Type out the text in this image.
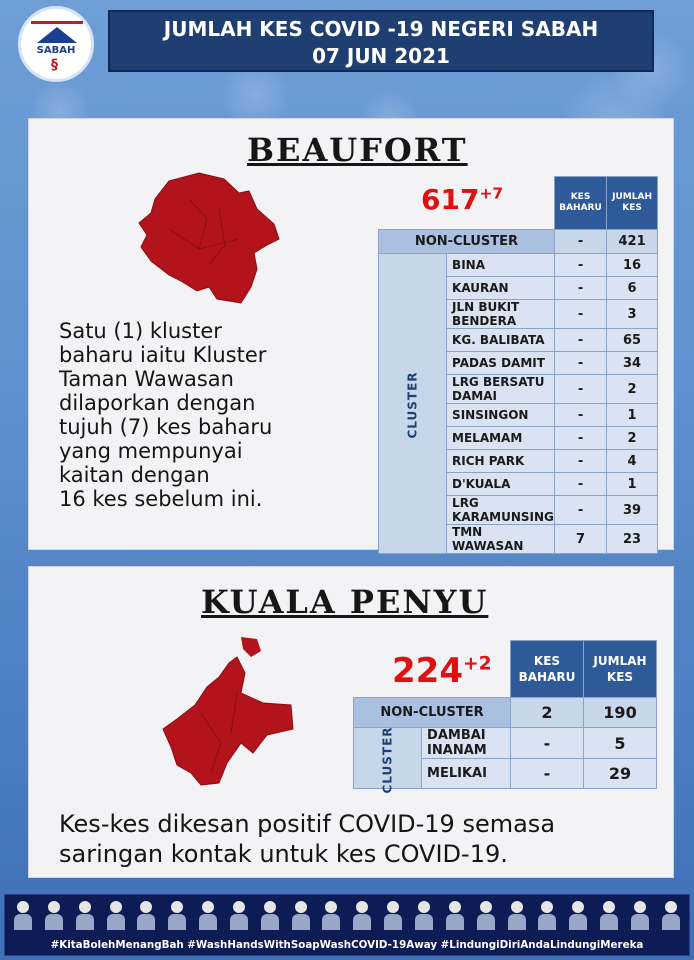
SABAH
§
JUMLAH KES COVID -19 NEGERI SABAH
07 JUN 2021
BEAUFORT
$617^{+7}$
		KES BAHARU	JUMLAH KES
NON-CLUSTER		-	421
CLUSTER	BINA	-	16
	KAURAN	-	6
	JLN BUKIT BENDERA	-	3
	KG. BALIBATA	-	65
	PADAS DAMIT	-	34
	LRG BERSATU DAMAI	-	2
	SINSINGON	-	1
	MELAMAM	-	2
	RICH PARK	-	4
	D'KUALA	-	1
	LRG KARAMUNSING	-	39
	TMN WAWASAN	7	23
Satu (1) kluster
baharu iaitu Kluster
Taman Wawasan
dilaporkan dengan
tujuh (7) kes baharu
yang mempunyai
kaitan dengan
16 kes sebelum ini.
KUALA PENYU
$224^{+2}$
		KES BAHARU	JUMLAH KES
NON-CLUSTER		2	190
CLUSTER	DAMBAI INANAM	-	5
	MELIKAI	-	29
Kes-kes dikesan positif COVID-19 semasa
saringan kontak untuk kes COVID-19.
#KitaBolehMenangBah #WashHandsWithSoapWashCOVID-19Away #LindungiDiriAndaLindungiMereka
